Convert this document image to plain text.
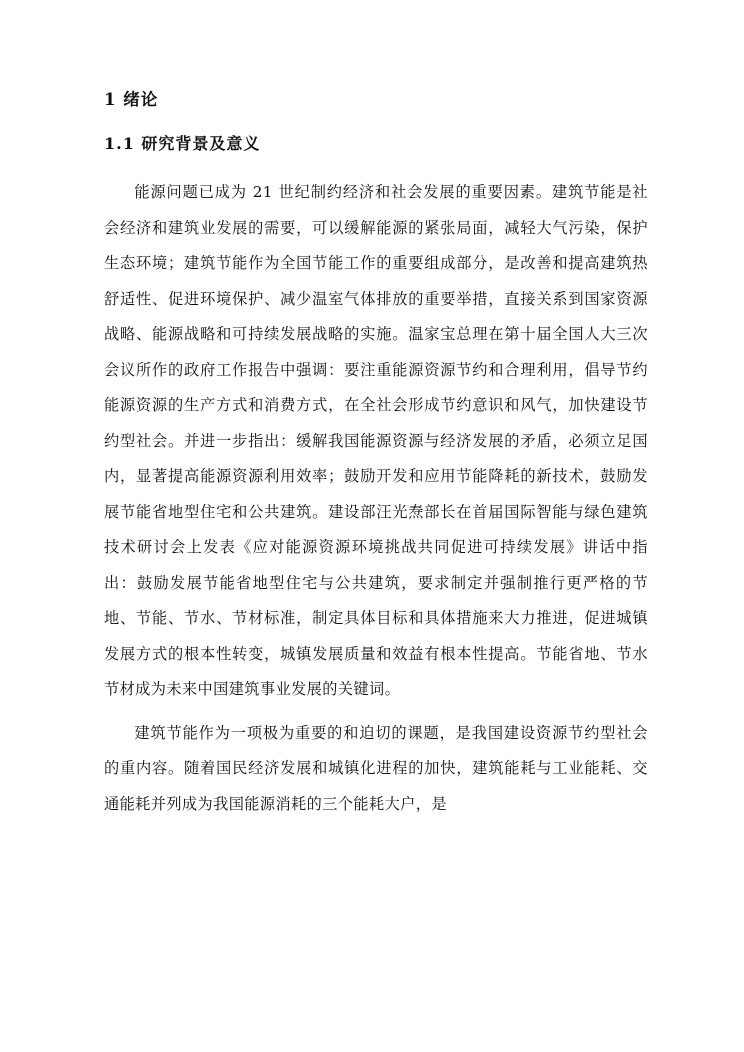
1 绪论
1.1 研究背景及意义

能源问题已成为 21 世纪制约经济和社会发展的重要因素。建筑节能是社会经济和建筑业发展的需要，可以缓解能源的紧张局面，减轻大气污染，保护生态环境；建筑节能作为全国节能工作的重要组成部分，是改善和提高建筑热舒适性、促进环境保护、减少温室气体排放的重要举措，直接关系到国家资源战略、能源战略和可持续发展战略的实施。温家宝总理在第十届全国人大三次会议所作的政府工作报告中强调：要注重能源资源节约和合理利用，倡导节约能源资源的生产方式和消费方式，在全社会形成节约意识和风气，加快建设节约型社会。并进一步指出：缓解我国能源资源与经济发展的矛盾，必须立足国内，显著提高能源资源利用效率；鼓励开发和应用节能降耗的新技术，鼓励发展节能省地型住宅和公共建筑。建设部汪光焘部长在首届国际智能与绿色建筑技术研讨会上发表《应对能源资源环境挑战共同促进可持续发展》讲话中指出：鼓励发展节能省地型住宅与公共建筑，要求制定并强制推行更严格的节地、节能、节水、节材标准，制定具体目标和具体措施来大力推进，促进城镇发展方式的根本性转变，城镇发展质量和效益有根本性提高。节能省地、节水节材成为未来中国建筑事业发展的关键词。

建筑节能作为一项极为重要的和迫切的课题，是我国建设资源节约型社会的重内容。随着国民经济发展和城镇化进程的加快，建筑能耗与工业能耗、交通能耗并列成为我国能源消耗的三个能耗大户，是
